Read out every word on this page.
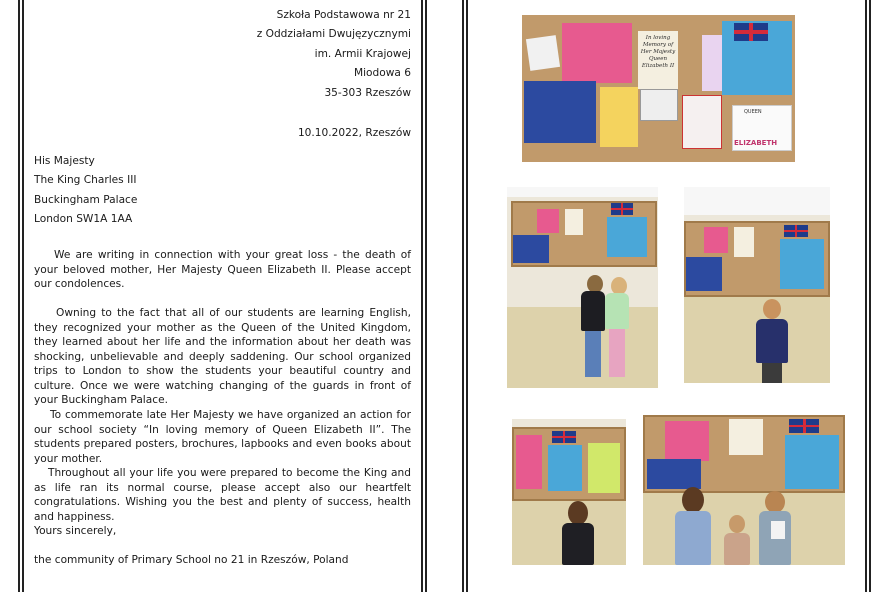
Szkoła Podstawowa nr 21
z Oddziałami Dwujęzycznymi
im. Armii Krajowej
Miodowa 6
35-303 Rzeszów
10.10.2022, Rzeszów
His Majesty
The King Charles III
Buckingham Palace
London SW1A 1AA

We are writing in connection with your great loss - the death of your beloved mother, Her Majesty Queen Elizabeth II. Please accept our condolences.

Owning to the fact that all of our students are learning English, they recognized your mother as the Queen of the United Kingdom, they learned about her life and the information about her death was shocking, unbelievable and deeply saddening. Our school organized trips to London to show the students your beautiful country and culture. Once we were watching changing of the guards in front of your Buckingham Palace.

To commemorate late Her Majesty we have organized an action for our school society “In loving memory of Queen Elizabeth II”. The students prepared posters, brochures, lapbooks and even books about your mother.

Throughout all your life you were prepared to become the King and as life ran its normal course, please accept also our heartfelt congratulations. Wishing you the best and plenty of success, health and happiness.

Yours sincerely,
the community of Primary School no 21 in Rzeszów, Poland
In loving Memory of Her Majesty Queen Elizabeth II
ELIZABETH
QUEEN
